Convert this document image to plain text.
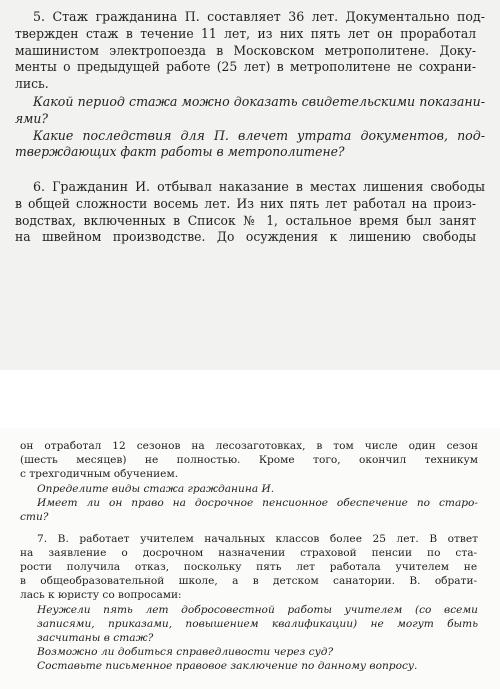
5. Стаж гражданина П. составляет 36 лет. Документально под-
твержден стаж в течение 11 лет, из них пять лет он проработал
машинистом электропоезда в Московском метрополитене. Доку-
менты о предыдущей работе (25 лет) в метрополитене не сохрани-
лись.
Какой период стажа можно доказать свидетельскими показани-
ями?
Какие последствия для П. влечет утрата документов, под-
тверждающих факт работы в метрополитене?
6. Гражданин И. отбывал наказание в местах лишения свободы
в общей сложности восемь лет. Из них пять лет работал на произ-
водствах, включенных в Список № 1, остальное время был занят
на швейном производстве. До осуждения к лишению свободы
он отработал 12 сезонов на лесозаготовках, в том числе один сезон
(шесть месяцев) не полностью. Кроме того, окончил техникум
с трехгодичным обучением.
Определите виды стажа гражданина И.
Имеет ли он право на досрочное пенсионное обеспечение по старо-
сти?
7. В. работает учителем начальных классов более 25 лет. В ответ
на заявление о досрочном назначении страховой пенсии по ста-
рости получила отказ, поскольку пять лет работала учителем не
в общеобразовательной школе, а в детском санатории. В. обрати-
лась к юристу со вопросами:
Неужели пять лет добросовестной работы учителем (со всеми
записями, приказами, повышением квалификации) не могут быть
засчитаны в стаж?
Возможно ли добиться справедливости через суд?
Составьте письменное правовое заключение по данному вопросу.
